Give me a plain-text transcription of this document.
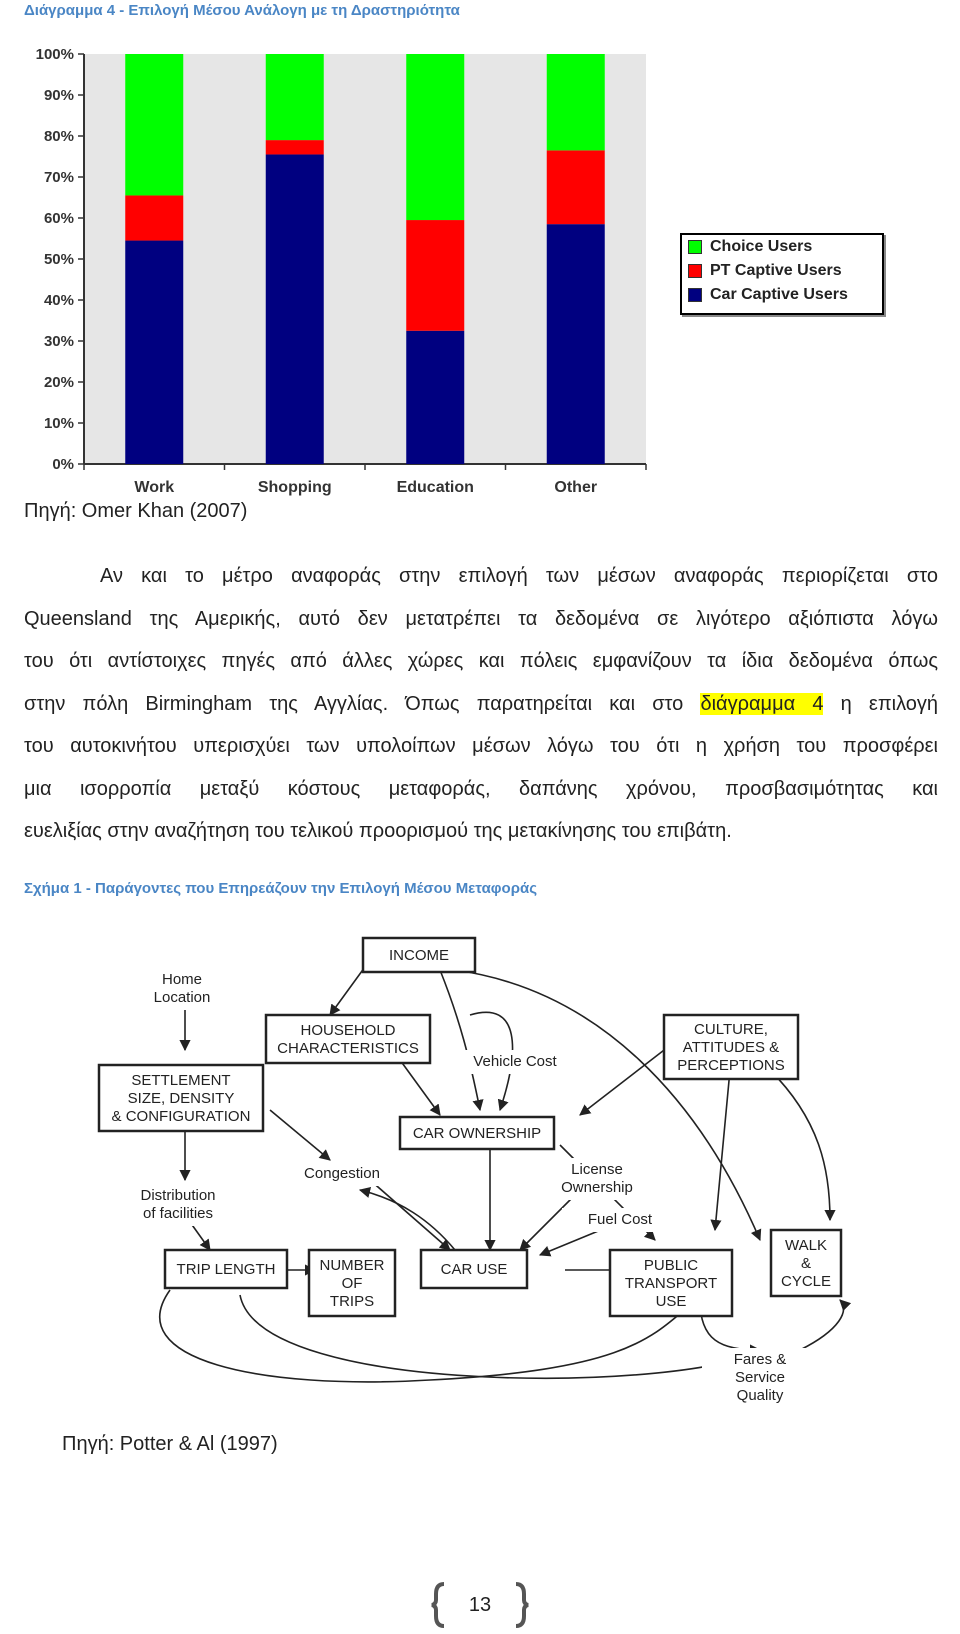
Διάγραμμα 4 - Επιλογή Μέσου Ανάλογη με τη Δραστηριότητα
0%
10%
20%
30%
40%
50%
60%
70%
80%
90%
100%
Work	Shopping	Education	Other
Choice Users
PT Captive Users
Car Captive Users
Πηγή: Omer Khan (2007)
Αν και το μέτρο αναφοράς στην επιλογή των μέσων αναφοράς περιορίζεται στο
Queensland της Αμερικής, αυτό δεν μετατρέπει τα δεδομένα σε λιγότερο αξιόπιστα λόγω
του ότι αντίστοιχες πηγές από άλλες χώρες και πόλεις εμφανίζουν τα ίδια δεδομένα όπως
στην πόλη Birmingham της Αγγλίας. Όπως παρατηρείται και στο διάγραμμα 4 η επιλογή
του αυτοκινήτου υπερισχύει των υπολοίπων μέσων λόγω του ότι η χρήση του προσφέρει
μια ισορροπία μεταξύ κόστους μεταφοράς, δαπάνης χρόνου, προσβασιμότητας και
ευελιξίας στην αναζήτηση του τελικού προορισμού της μετακίνησης του επιβάτη.
Σχήμα 1 - Παράγοντες που Επηρεάζουν την Επιλογή Μέσου Μεταφοράς
INCOME
HOUSEHOLD
CHARACTERISTICS
SETTLEMENT
SIZE, DENSITY
& CONFIGURATION
CULTURE,
ATTITUDES &
PERCEPTIONS
CAR OWNERSHIP
TRIP LENGTH	NUMBER
OF
TRIPS
CAR USE	PUBLIC
TRANSPORT
USE
WALK
&
CYCLE
Home
Location
Vehicle Cost
Congestion	License
Ownership
Distribution
of facilities	Fuel Cost
Fares &
Service
Quality
Πηγή: Potter & Al (1997)
13
